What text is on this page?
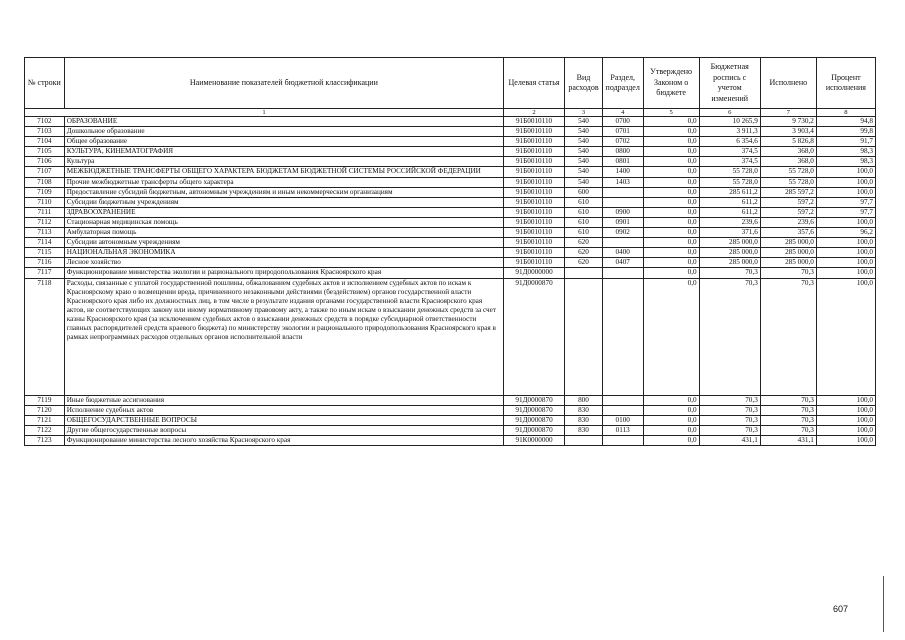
№ строки	Наименование показателей бюджетной классификации	Целевая статья	Вид расходов	Раздел, подраздел	Утверждено Законом о бюджете	Бюджетная роспись с учетом изменений	Исполнено	Процент исполнения
1		2	3	4	5	6	7	8
7102	ОБРАЗОВАНИЕ	91Б0010110	540	0700	0,0	10 265,9	9 730,2	94,8
7103	Дошкольное образование	91Б0010110	540	0701	0,0	3 911,3	3 903,4	99,8
7104	Общее образование	91Б0010110	540	0702	0,0	6 354,6	5 826,8	91,7
7105	КУЛЬТУРА, КИНЕМАТОГРАФИЯ	91Б0010110	540	0800	0,0	374,5	368,0	98,3
7106	Культура	91Б0010110	540	0801	0,0	374,5	368,0	98,3
7107	МЕЖБЮДЖЕТНЫЕ ТРАНСФЕРТЫ ОБЩЕГО ХАРАКТЕРА БЮДЖЕТАМ БЮДЖЕТНОЙ СИСТЕМЫ РОССИЙСКОЙ ФЕДЕРАЦИИ	91Б0010110	540	1400	0,0	55 728,0	55 728,0	100,0
7108	Прочие межбюджетные трансферты общего характера	91Б0010110	540	1403	0,0	55 728,0	55 728,0	100,0
7109	Предоставление субсидий бюджетным, автономным учреждениям и иным некоммерческим организациям	91Б0010110	600		0,0	285 611,2	285 597,2	100,0
7110	Субсидии бюджетным учреждениям	91Б0010110	610		0,0	611,2	597,2	97,7
7111	ЗДРАВООХРАНЕНИЕ	91Б0010110	610	0900	0,0	611,2	597,2	97,7
7112	Стационарная медицинская помощь	91Б0010110	610	0901	0,0	239,6	239,6	100,0
7113	Амбулаторная помощь	91Б0010110	610	0902	0,0	371,6	357,6	96,2
7114	Субсидии автономным учреждениям	91Б0010110	620		0,0	285 000,0	285 000,0	100,0
7115	НАЦИОНАЛЬНАЯ ЭКОНОМИКА	91Б0010110	620	0400	0,0	285 000,0	285 000,0	100,0
7116	Лесное хозяйство	91Б0010110	620	0407	0,0	285 000,0	285 000,0	100,0
7117	Функционирование министерства экологии и рационального природопользования Красноярского края	91Д0000000			0,0	70,3	70,3	100,0
7118	Расходы, связанные с уплатой государственной пошлины, обжалованием судебных актов и исполнением судебных актов по искам к Красноярскому краю о возмещении вреда, причиненного незаконными действиями (бездействием) органов государственной власти Красноярского края либо их должностных лиц, в том числе в результате издания органами государственной власти Красноярского края актов, не соответствующих закону или иному нормативному правовому акту, а также по иным искам о взыскании денежных средств за счет казны Красноярского края (за исключением судебных актов о взыскании денежных средств в порядке субсидиарной ответственности главных распорядителей средств краевого бюджета) по министерству экологии и рационального природопользования Красноярского края в рамках непрограммных расходов отдельных органов исполнительной власти	91Д0000870			0,0	70,3	70,3	100,0
7119	Иные бюджетные ассигнования	91Д0000870	800		0,0	70,3	70,3	100,0
7120	Исполнение судебных актов	91Д0000870	830		0,0	70,3	70,3	100,0
7121	ОБЩЕГОСУДАРСТВЕННЫЕ ВОПРОСЫ	91Д0000870	830	0100	0,0	70,3	70,3	100,0
7122	Другие общегосударственные вопросы	91Д0000870	830	0113	0,0	70,3	70,3	100,0
7123	Функционирование министерства лесного хозяйства Красноярского края	91К0000000			0,0	431,1	431,1	100,0
607
